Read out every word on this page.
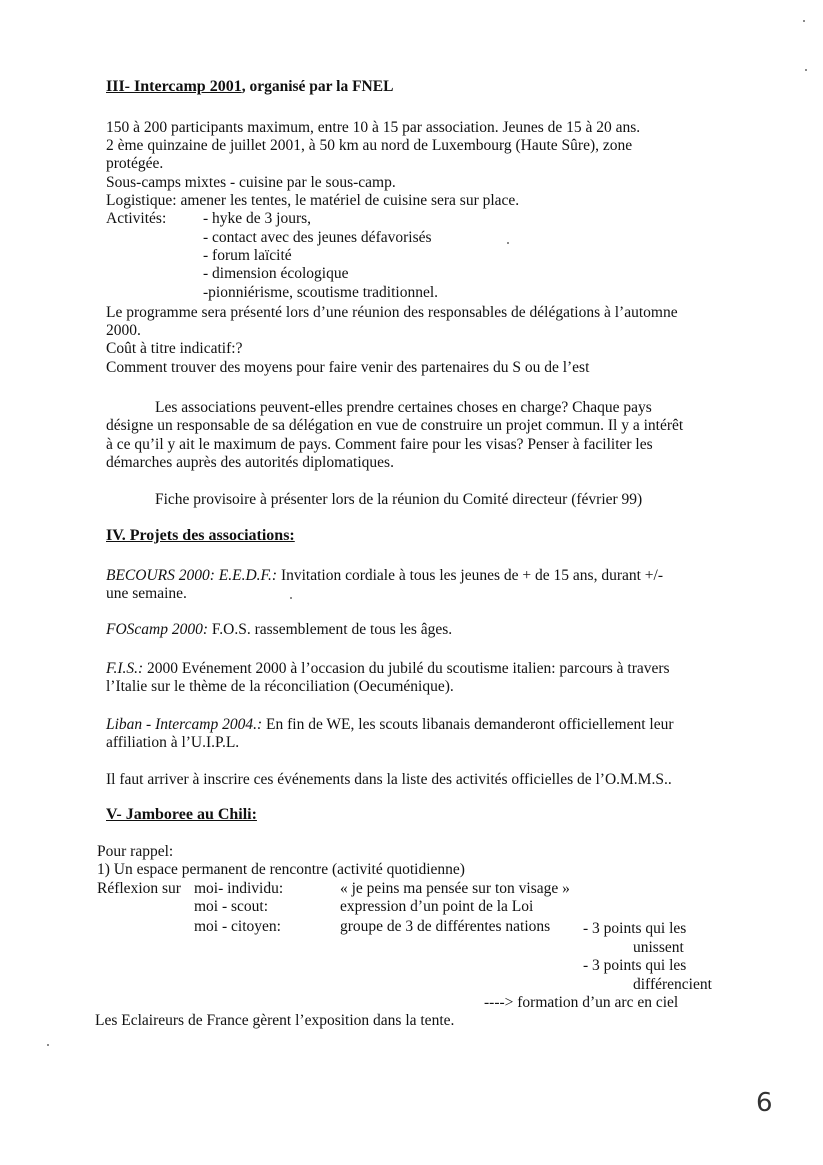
III- Intercamp 2001, organisé par la FNEL
150 à 200 participants maximum, entre 10 à 15 par association. Jeunes de 15 à 20 ans.
2 ème quinzaine de juillet 2001, à 50 km au nord de Luxembourg (Haute Sûre), zone
protégée.
Sous-camps mixtes - cuisine par le sous-camp.
Logistique: amener les tentes, le matériel de cuisine sera sur place.
Activités: - hyke de 3 jours,
- contact avec des jeunes défavorisés
- forum laïcité
- dimension écologique
-pionniérisme, scoutisme traditionnel.
Le programme sera présenté lors d’une réunion des responsables de délégations à l’automne
2000.
Coût à titre indicatif:?
Comment trouver des moyens pour faire venir des partenaires du S ou de l’est
Les associations peuvent-elles prendre certaines choses en charge? Chaque pays
désigne un responsable de sa délégation en vue de construire un projet commun. Il y a intérêt
à ce qu’il y ait le maximum de pays. Comment faire pour les visas? Penser à faciliter les
démarches auprès des autorités diplomatiques.
Fiche provisoire à présenter lors de la réunion du Comité directeur (février 99)
IV. Projets des associations:
BECOURS 2000: E.E.D.F.: Invitation cordiale à tous les jeunes de + de 15 ans, durant +/-
une semaine.
FOScamp 2000: F.O.S. rassemblement de tous les âges.
F.I.S.: 2000 Evénement 2000 à l’occasion du jubilé du scoutisme italien: parcours à travers
l’Italie sur le thème de la réconciliation (Oecuménique).
Liban - Intercamp 2004.: En fin de WE, les scouts libanais demanderont officiellement leur
affiliation à l’U.I.P.L.
Il faut arriver à inscrire ces événements dans la liste des activités officielles de l’O.M.M.S..
V- Jamboree au Chili:
Pour rappel:
1) Un espace permanent de rencontre (activité quotidienne)
Réflexion sur moi- individu:	« je peins ma pensée sur ton visage »
moi - scout:	expression d’un point de la Loi
moi - citoyen:	groupe de 3 de différentes nations - 3 points qui les
unissent
- 3 points qui les
différencient
----> formation d’un arc en ciel
Les Eclaireurs de France gèrent l’exposition dans la tente.
6
